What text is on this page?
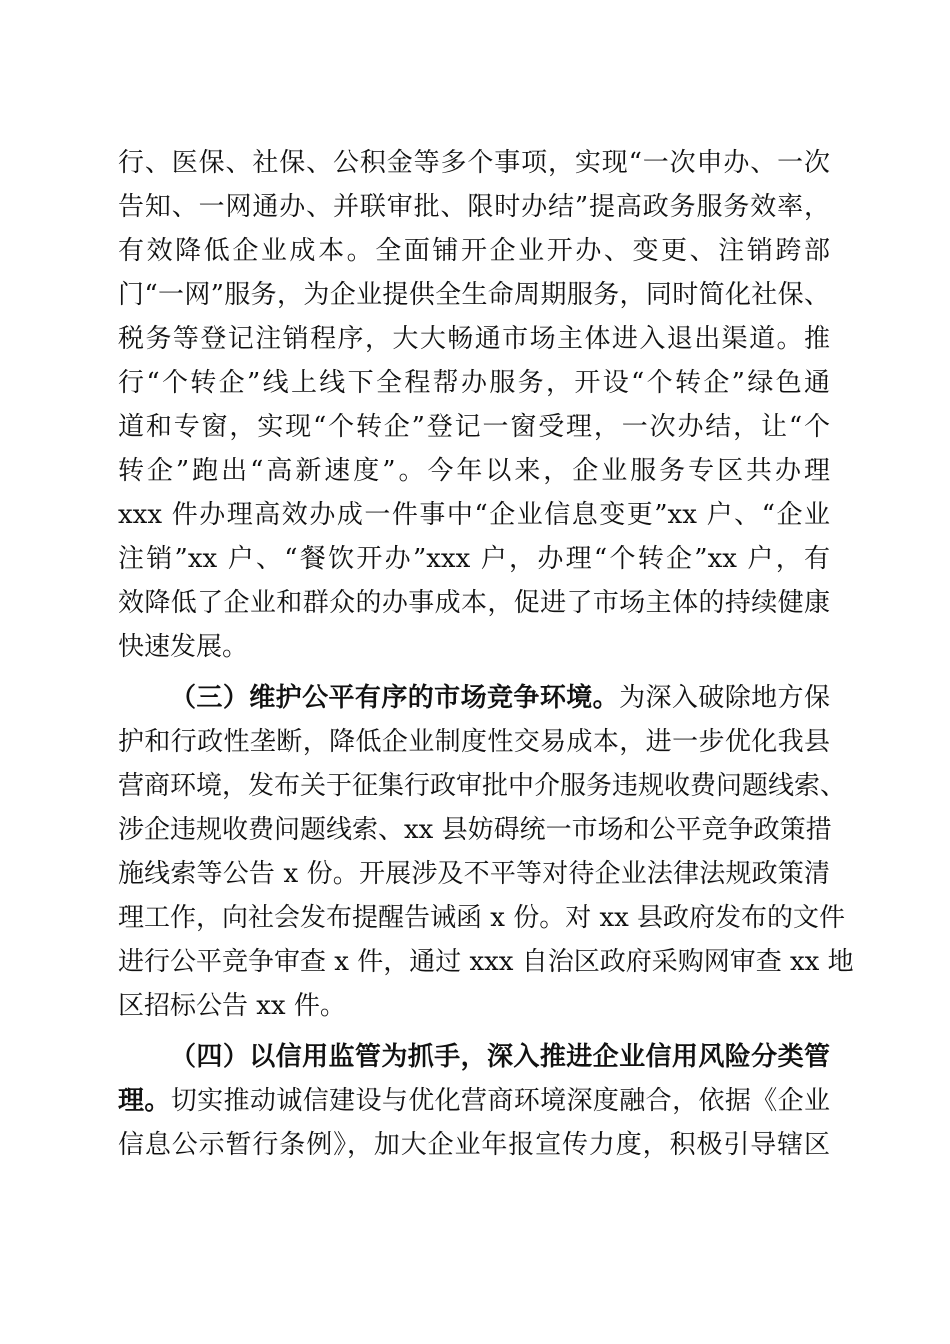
行、医保、社保、公积金等多个事项，实现“一次申办、一次
告知、一网通办、并联审批、限时办结”提高政务服务效率，
有效降低企业成本。全面铺开企业开办、变更、注销跨部
门“一网”服务，为企业提供全生命周期服务，同时简化社保、
税务等登记注销程序，大大畅通市场主体进入退出渠道。推
行“个转企”线上线下全程帮办服务，开设“个转企”绿色通
道和专窗，实现“个转企”登记一窗受理，一次办结，让“个
转企”跑出“高新速度”。今年以来，企业服务专区共办理
xxx 件办理高效办成一件事中“企业信息变更”xx 户、“企业
注销”xx 户、“餐饮开办”xxx 户，办理“个转企”xx 户，有
效降低了企业和群众的办事成本，促进了市场主体的持续健康
快速发展。
（三）维护公平有序的市场竞争环境。为深入破除地方保
护和行政性垄断，降低企业制度性交易成本，进一步优化我县
营商环境，发布关于征集行政审批中介服务违规收费问题线索、
涉企违规收费问题线索、xx 县妨碍统一市场和公平竞争政策措
施线索等公告 x 份。开展涉及不平等对待企业法律法规政策清
理工作，向社会发布提醒告诫函 x 份。对 xx 县政府发布的文件
进行公平竞争审查 x 件，通过 xxx 自治区政府采购网审查 xx 地
区招标公告 xx 件。
（四）以信用监管为抓手，深入推进企业信用风险分类管
理。切实推动诚信建设与优化营商环境深度融合，依据《企业
信息公示暂行条例》，加大企业年报宣传力度，积极引导辖区
